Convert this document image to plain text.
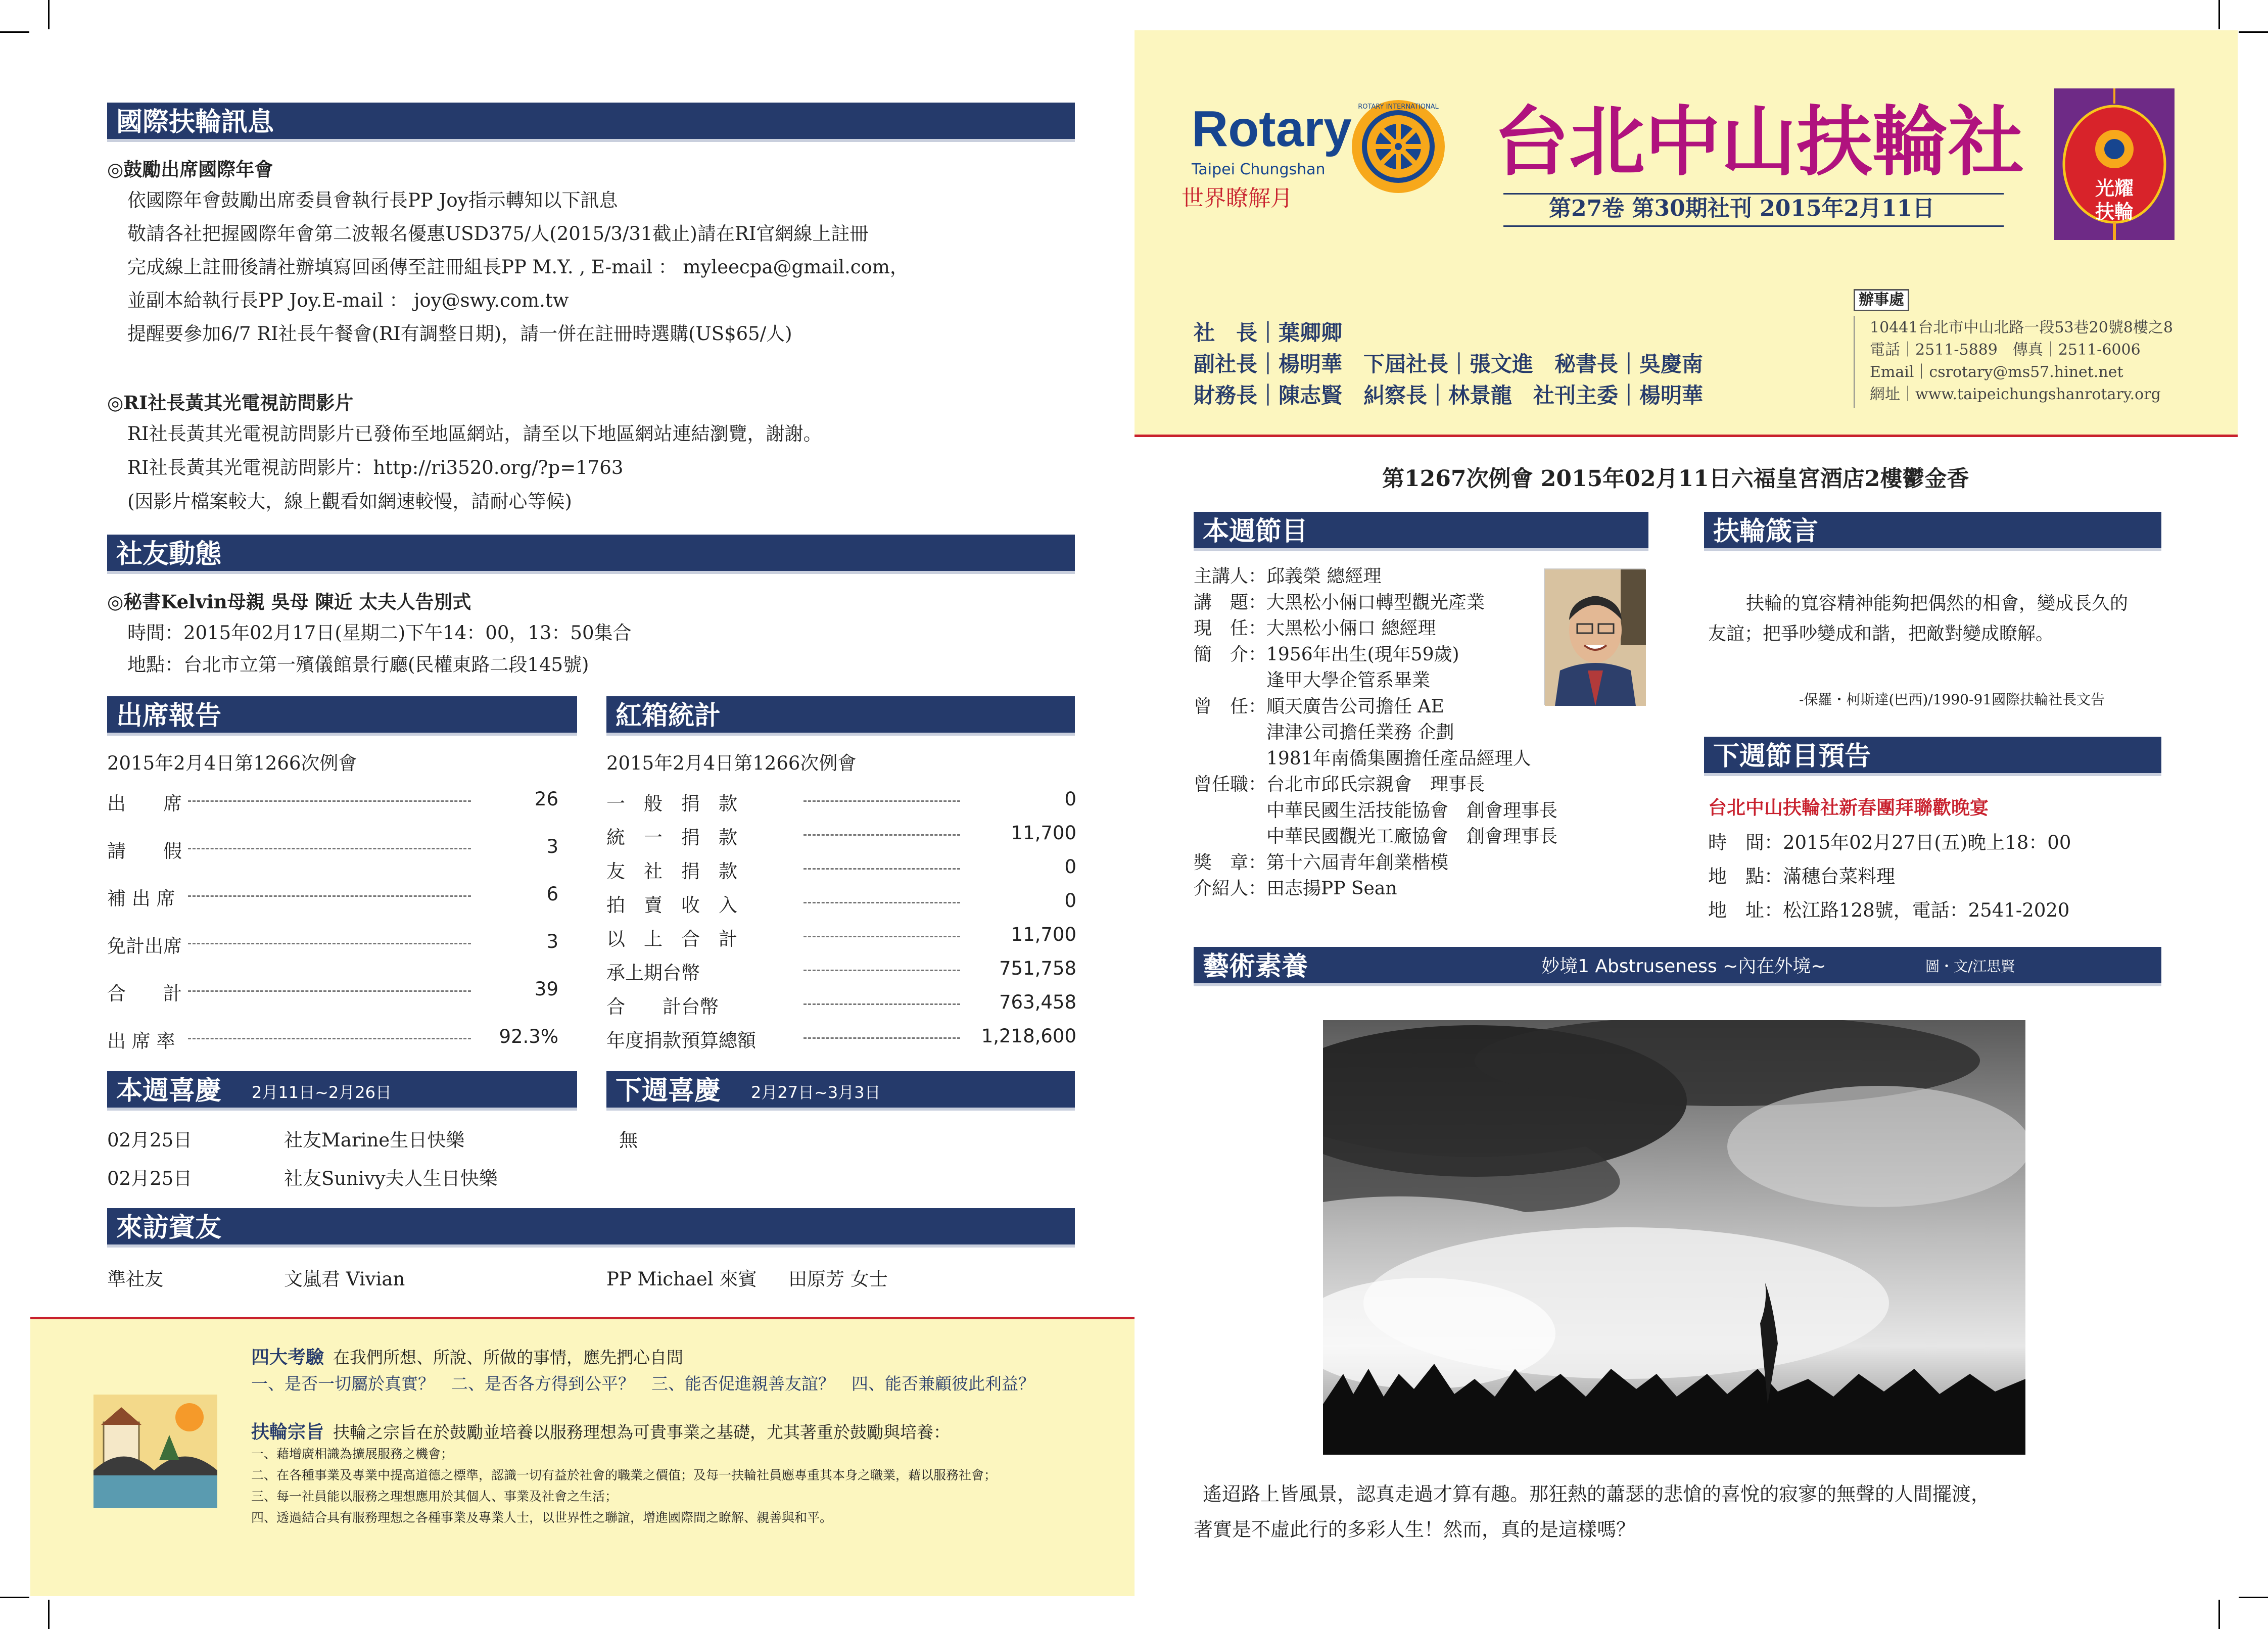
國際扶輪訊息
◎鼓勵出席國際年會
依國際年會鼓勵出席委員會執行長PP Joy指示轉知以下訊息
敬請各社把握國際年會第二波報名優惠USD375/人(2015/3/31截止)請在RI官網線上註冊
完成線上註冊後請社辦填寫回函傳至註冊組長PP M.Y. , E-mail ： myleecpa@gmail.com，
並副本給執行長PP Joy.E-mail ： joy@swy.com.tw
提醒要參加6/7 RI社長午餐會(RI有調整日期)，請一併在註冊時選購(US$65/人)
◎RI社長黃其光電視訪問影片
RI社長黃其光電視訪問影片已發佈至地區網站，請至以下地區網站連結瀏覽，謝謝。
RI社長黃其光電視訪問影片：http://ri3520.org/?p=1763
(因影片檔案較大，線上觀看如網速較慢，請耐心等候)
社友動態
◎秘書Kelvin母親 吳母 陳近 太夫人告別式
時間：2015年02月17日(星期二)下午14：00，13：50集合
地點：台北市立第一殯儀館景行廳(民權東路二段145號)
出席報告
2015年2月4日第1266次例會
出　　席	26
請　　假	3
補 出 席	6
免計出席	3
合　　計	39
出 席 率	92.3%
紅箱統計
2015年2月4日第1266次例會
一　般　捐　款	0
統　一　捐　款	11,700
友　社　捐　款	0
拍　賣　收　入	0
以　上　合　計	11,700
承上期台幣	751,758
合　　計台幣	763,458
年度捐款預算總額	1,218,600
本週喜慶 2月11日~2月26日
02月25日	社友Marine生日快樂
02月25日	社友Sunivy夫人生日快樂
下週喜慶 2月27日~3月3日
無
來訪賓友
準社友	文嵐君 Vivian	PP Michael 來賓 田原芳 女士
四大考驗 在我們所想、所說、所做的事情，應先捫心自問
一、是否一切屬於真實？　二、是否各方得到公平？　三、能否促進親善友誼？　四、能否兼顧彼此利益？
扶輪宗旨 扶輪之宗旨在於鼓勵並培養以服務理想為可貴事業之基礎，尤其著重於鼓勵與培養：
一、藉增廣相識為擴展服務之機會；
二、在各種事業及專業中提高道德之標準，認識一切有益於社會的職業之價值；及每一扶輪社員應專重其本身之職業，藉以服務社會；
三、每一社員能以服務之理想應用於其個人、事業及社會之生活；
四、透過結合具有服務理想之各種事業及專業人士，以世界性之聯誼，增進國際間之瞭解、親善與和平。
Rotary
Taipei Chungshan
ROTARY INTERNATIONAL
世界瞭解月
台北中山扶輪社
第27卷 第30期社刊 2015年2月11日
光耀
扶輪
社　長｜葉卿卿
副社長｜楊明華　下屆社長｜張文進　秘書長｜吳慶南
財務長｜陳志賢　糾察長｜林景龍　社刊主委｜楊明華
辦事處
10441台北市中山北路一段53巷20號8樓之8
電話｜2511-5889　傳真｜2511-6006
Email｜csrotary@ms57.hinet.net
網址｜www.taipeichungshanrotary.org
第1267次例會 2015年02月11日六福皇宮酒店2樓鬱金香
本週節目
主講人：邱義榮 總經理
講　題：大黑松小倆口轉型觀光產業
現　任：大黑松小倆口 總經理
簡　介：1956年出生(現年59歲)
　　　　逢甲大學企管系畢業
曾　任：順天廣告公司擔任 AE
　　　　津津公司擔任業務 企劃
　　　　1981年南僑集團擔任產品經理人
曾任職：台北市邱氏宗親會　理事長
　　　　中華民國生活技能協會　創會理事長
　　　　中華民國觀光工廠協會　創會理事長
獎　章：第十六屆青年創業楷模
介紹人：田志揚PP Sean
扶輪箴言
扶輪的寬容精神能夠把偶然的相會，變成長久的
友誼；把爭吵變成和諧，把敵對變成瞭解。
-保羅・柯斯達(巴西)/1990-91國際扶輪社長文告
下週節目預告
台北中山扶輪社新春團拜聯歡晚宴
時　間：2015年02月27日(五)晚上18：00
地　點：滿穗台菜料理
地　址：松江路128號，電話：2541-2020
藝術素養	妙境1 Abstruseness ~內在外境~	圖・文/江思賢
遙迢路上皆風景，認真走過才算有趣。那狂熱的蕭瑟的悲愴的喜悅的寂寥的無聲的人間擺渡，
著實是不虛此行的多彩人生！然而，真的是這樣嗎？
